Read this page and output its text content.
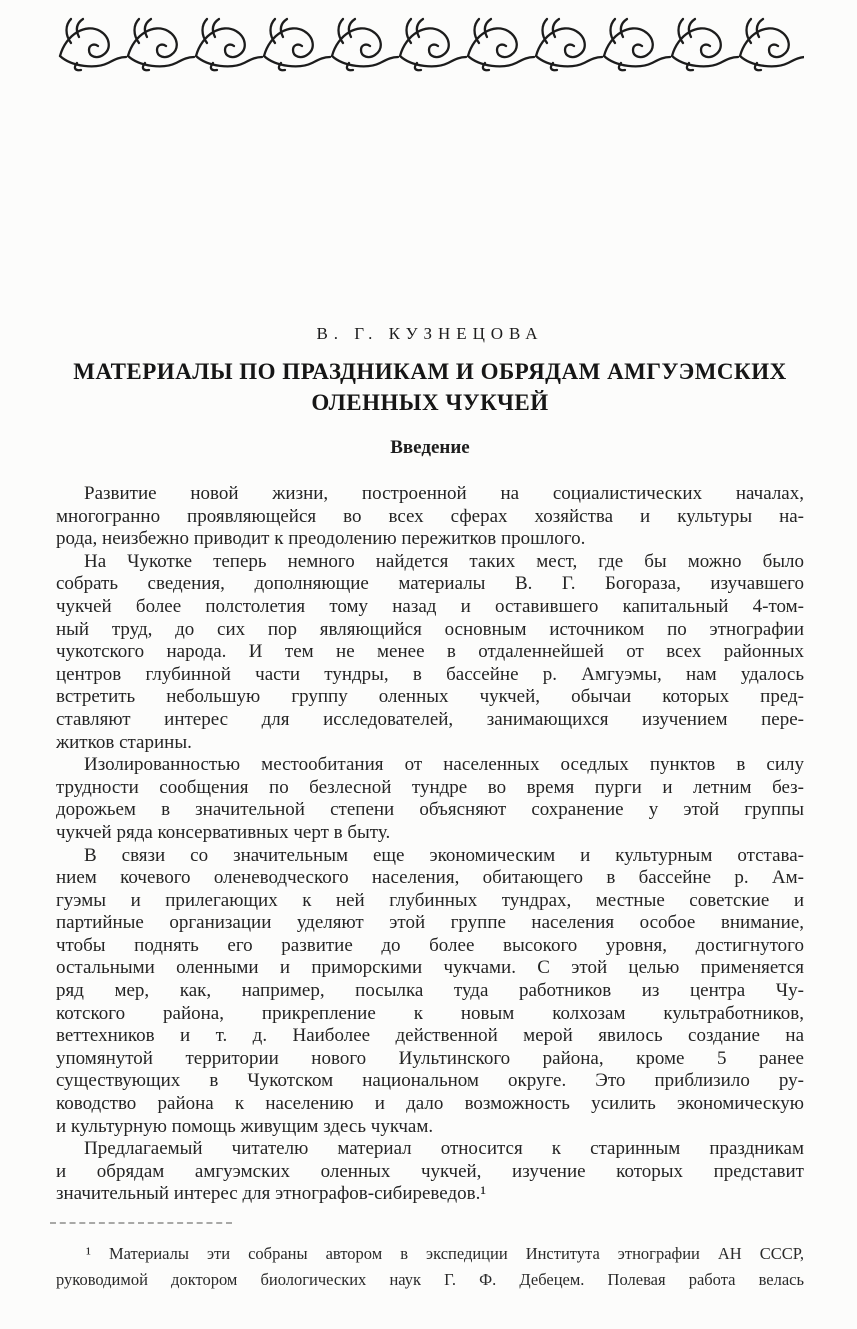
В. Г. КУЗНЕЦОВА
МАТЕРИАЛЫ ПО ПРАЗДНИКАМ И ОБРЯДАМ АМГУЭМСКИХ
ОЛЕННЫХ ЧУКЧЕЙ
Введение
Развитие новой жизни, построенной на социалистических началах,
многогранно проявляющейся во всех сферах хозяйства и культуры на-
рода, неизбежно приводит к преодолению пережитков прошлого.
На Чукотке теперь немного найдется таких мест, где бы можно было
собрать сведения, дополняющие материалы В. Г. Богораза, изучавшего
чукчей более полстолетия тому назад и оставившего капитальный 4-том-
ный труд, до сих пор являющийся основным источником по этнографии
чукотского народа. И тем не менее в отдаленнейшей от всех районных
центров глубинной части тундры, в бассейне р. Амгуэмы, нам удалось
встретить небольшую группу оленных чукчей, обычаи которых пред-
ставляют интерес для исследователей, занимающихся изучением пере-
житков старины.
Изолированностью местообитания от населенных оседлых пунктов в силу
трудности сообщения по безлесной тундре во время пурги и летним без-
дорожьем в значительной степени объясняют сохранение у этой группы
чукчей ряда консервативных черт в быту.
В связи со значительным еще экономическим и культурным отстава-
нием кочевого оленеводческого населения, обитающего в бассейне р. Ам-
гуэмы и прилегающих к ней глубинных тундрах, местные советские и
партийные организации уделяют этой группе населения особое внимание,
чтобы поднять его развитие до более высокого уровня, достигнутого
остальными оленными и приморскими чукчами. С этой целью применяется
ряд мер, как, например, посылка туда работников из центра Чу-
котского района, прикрепление к новым колхозам культработников,
веттехников и т. д. Наиболее действенной мерой явилось создание на
упомянутой территории нового Иультинского района, кроме 5 ранее
существующих в Чукотском национальном округе. Это приблизило ру-
ководство района к населению и дало возможность усилить экономическую
и культурную помощь живущим здесь чукчам.
Предлагаемый читателю материал относится к старинным праздникам
и обрядам амгуэмских оленных чукчей, изучение которых представит
значительный интерес для этнографов-сибиреведов.¹
¹ Материалы эти собраны автором в экспедиции Института этнографии АН СССР,
руководимой доктором биологических наук Г. Ф. Дебецем. Полевая работа велась
